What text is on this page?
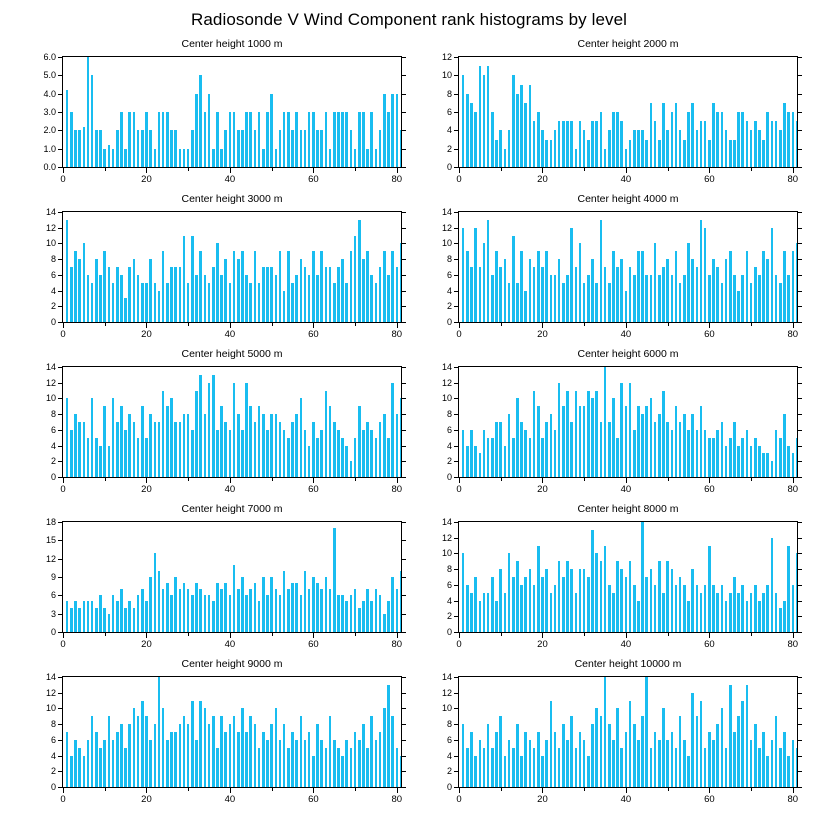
Radiosonde V Wind Component rank histograms by level
Center height 1000 m
0.0
1.0
2.0
3.0
4.0
5.0
6.0
0	20	40	60	80
Center height 2000 m
0
2
4
6
8
10
12
0	20	40	60	80
Center height 3000 m
0
2
4
6
8
10
12
14
0	20	40	60	80
Center height 4000 m
0
2
4
6
8
10
12
14
0	20	40	60	80
Center height 5000 m
0
2
4
6
8
10
12
14
0	20	40	60	80
Center height 6000 m
0
2
4
6
8
10
12
14
0	20	40	60	80
Center height 7000 m
0
3
6
9
12
15
18
0	20	40	60	80
Center height 8000 m
0
2
4
6
8
10
12
14
0	20	40	60	80
Center height 9000 m
0
2
4
6
8
10
12
14
0	20	40	60	80
Center height 10000 m
0
2
4
6
8
10
12
14
0	20	40	60	80
